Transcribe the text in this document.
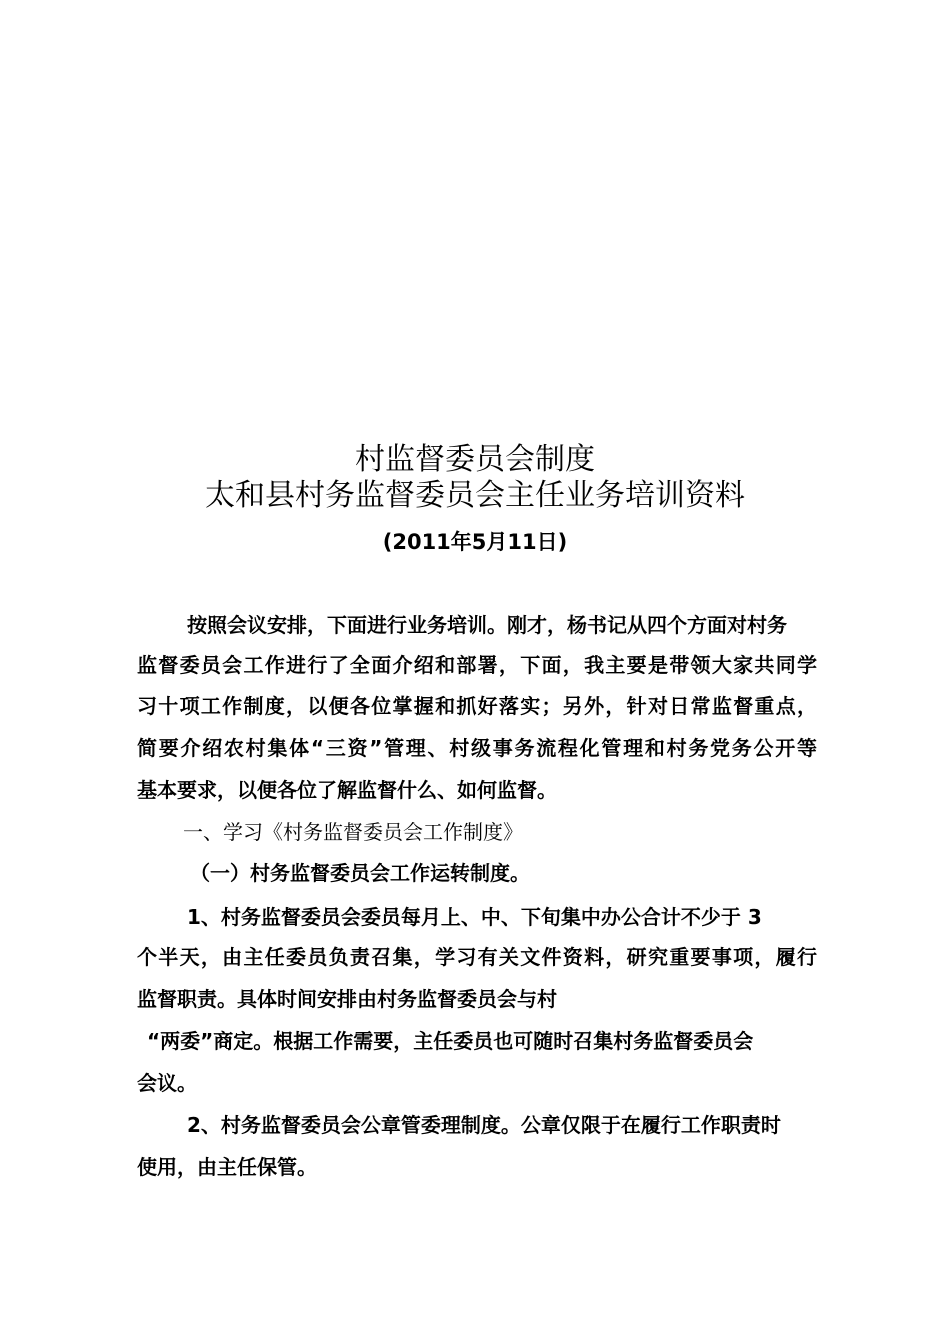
村监督委员会制度
太和县村务监督委员会主任业务培训资料
(2011年5月11日)

按照会议安排，下面进行业务培训。刚才，杨书记从四个方面对村务

监督委员会工作进行了全面介绍和部署，下面，我主要是带领大家共同学

习十项工作制度，以便各位掌握和抓好落实；另外，针对日常监督重点，

简要介绍农村集体“三资”管理、村级事务流程化管理和村务党务公开等

基本要求，以便各位了解监督什么、如何监督。

一、学习《村务监督委员会工作制度》

（一）村务监督委员会工作运转制度。

1、村务监督委员会委员每月上、中、下旬集中办公合计不少于 3

个半天，由主任委员负责召集，学习有关文件资料，研究重要事项，履行

监督职责。具体时间安排由村务监督委员会与村

“两委”商定。根据工作需要，主任委员也可随时召集村务监督委员会

会议。

2、村务监督委员会公章管委理制度。公章仅限于在履行工作职责时

使用，由主任保管。
